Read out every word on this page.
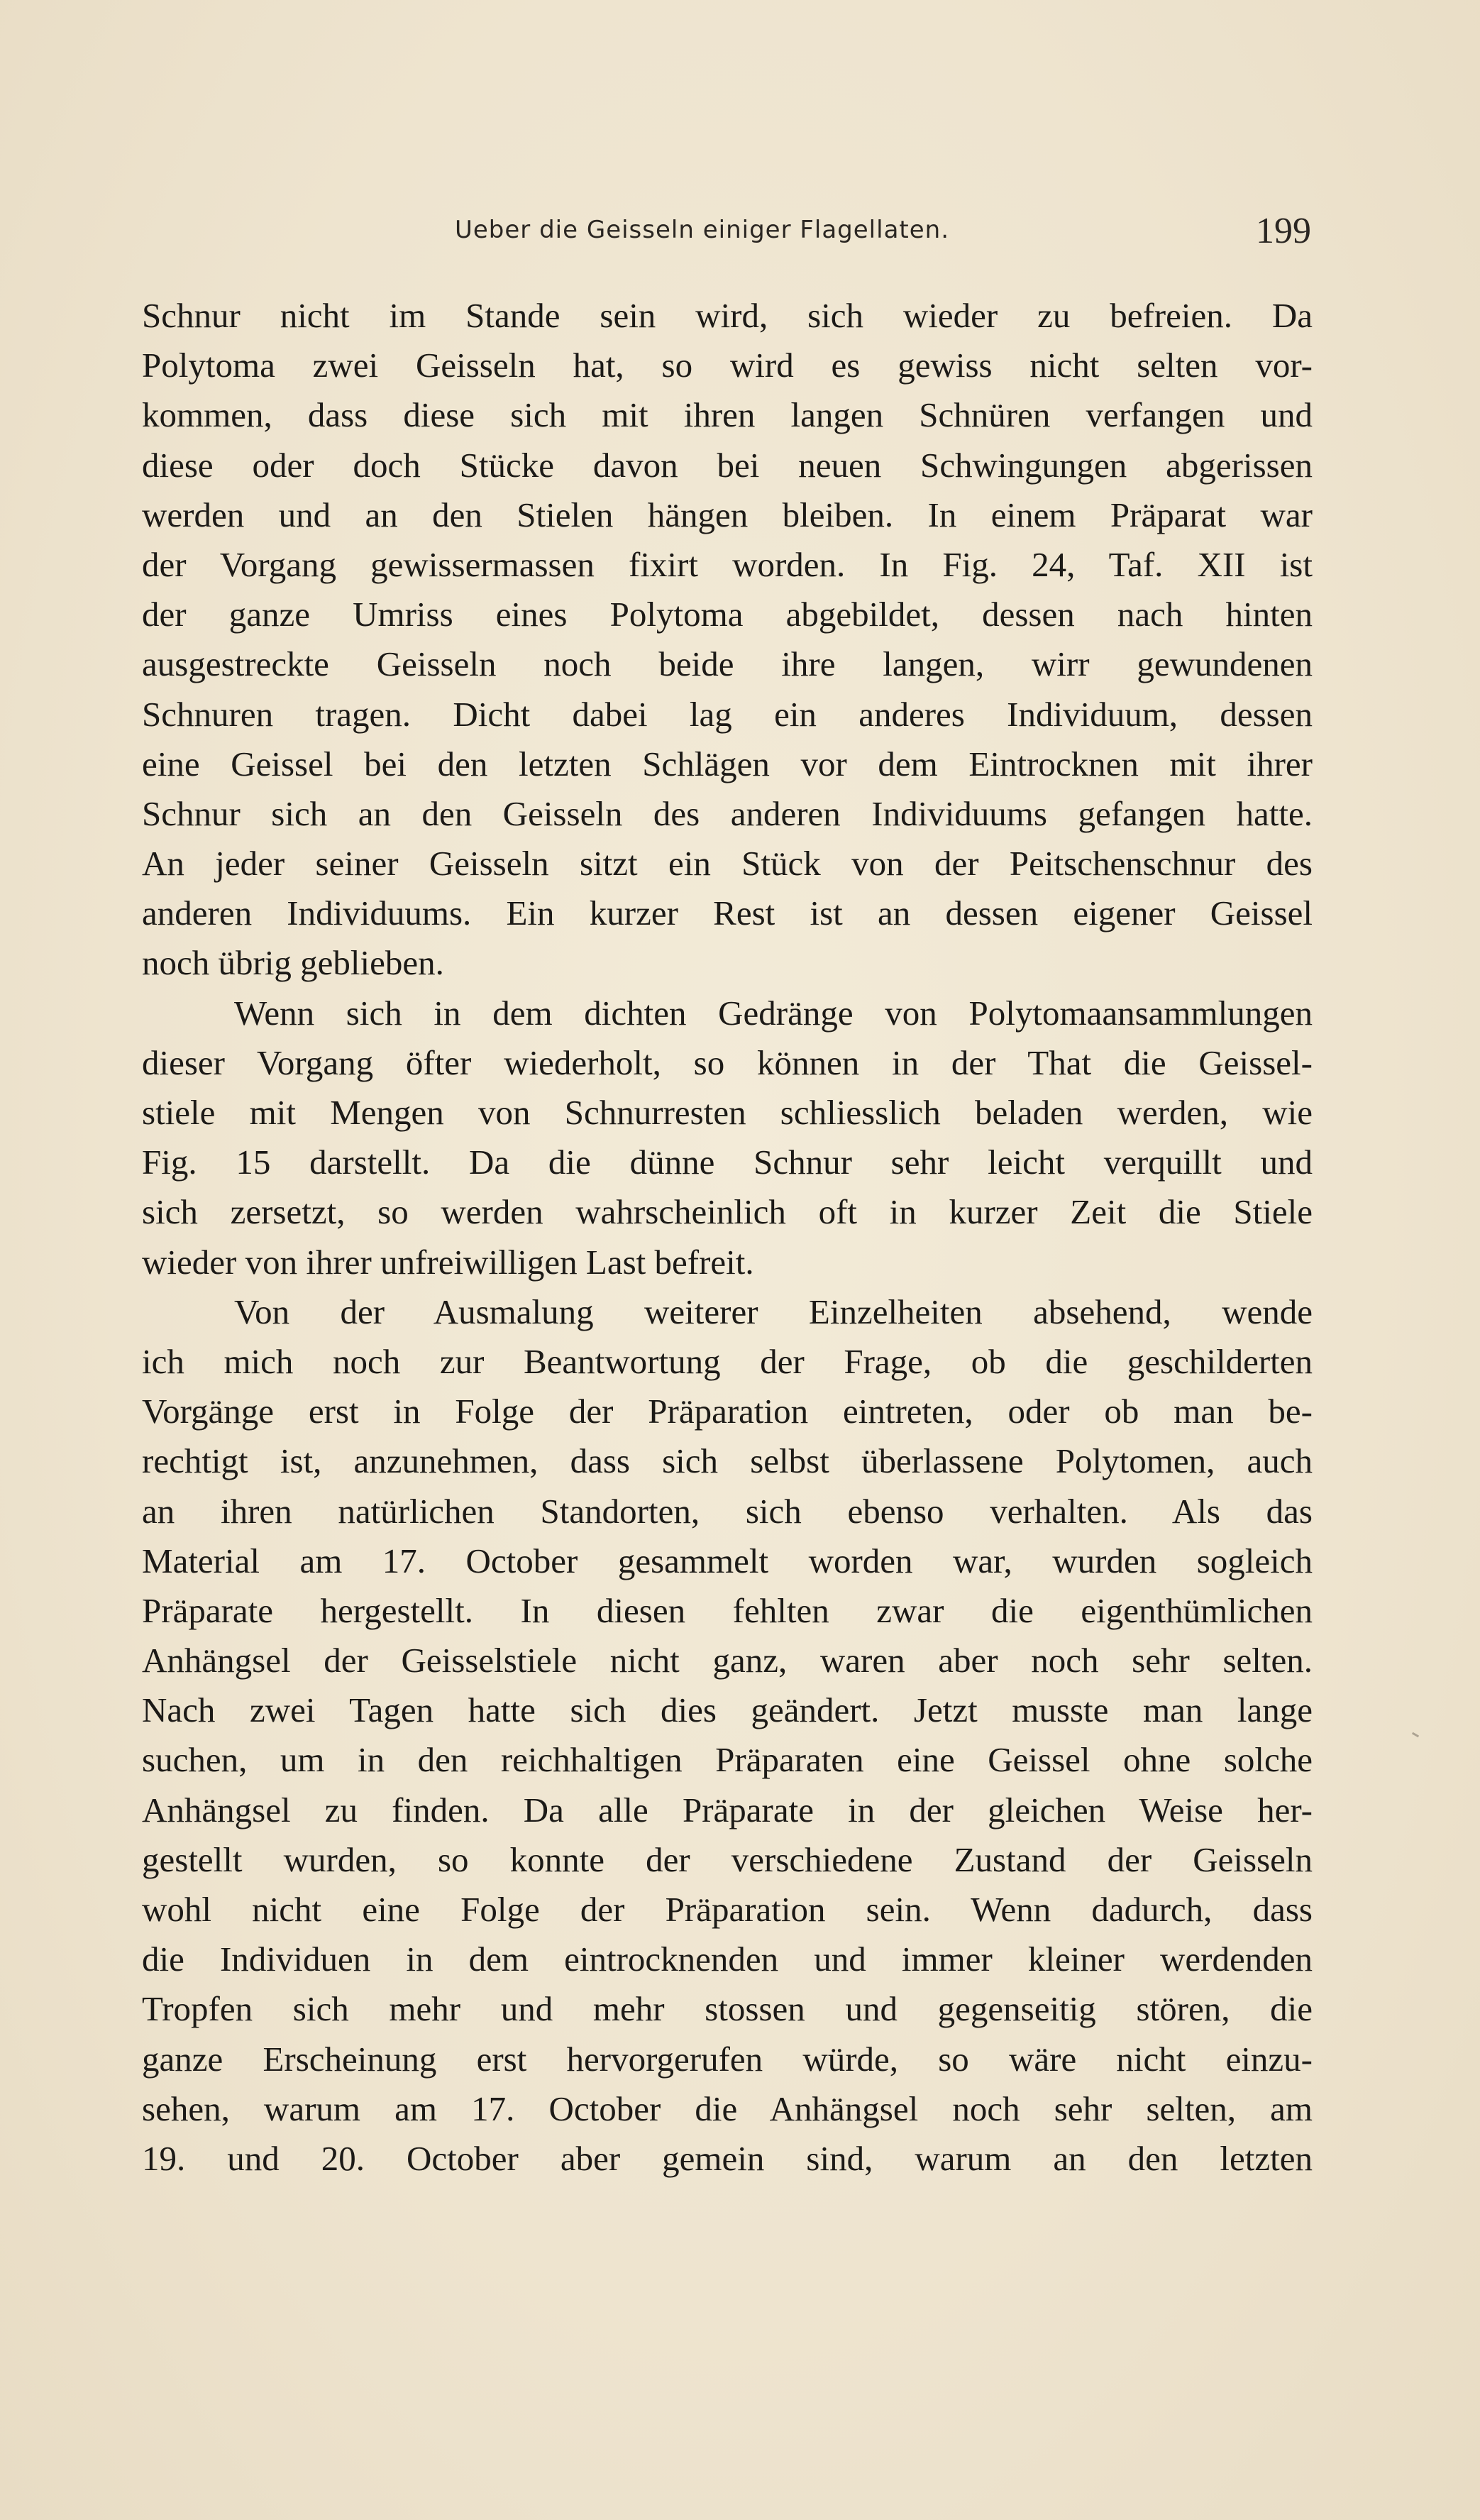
Ueber die Geisseln einiger Flagellaten.	199
Schnur nicht im Stande sein wird, sich wieder zu befreien. Da
Polytoma zwei Geisseln hat, so wird es gewiss nicht selten vor-
kommen, dass diese sich mit ihren langen Schnüren verfangen und
diese oder doch Stücke davon bei neuen Schwingungen abgerissen
werden und an den Stielen hängen bleiben. In einem Präparat war
der Vorgang gewissermassen fixirt worden. In Fig. 24, Taf. XII ist
der ganze Umriss eines Polytoma abgebildet, dessen nach hinten
ausgestreckte Geisseln noch beide ihre langen, wirr gewundenen
Schnuren tragen. Dicht dabei lag ein anderes Individuum, dessen
eine Geissel bei den letzten Schlägen vor dem Eintrocknen mit ihrer
Schnur sich an den Geisseln des anderen Individuums gefangen hatte.
An jeder seiner Geisseln sitzt ein Stück von der Peitschenschnur des
anderen Individuums. Ein kurzer Rest ist an dessen eigener Geissel
noch übrig geblieben.
Wenn sich in dem dichten Gedränge von Polytomaansammlungen
dieser Vorgang öfter wiederholt, so können in der That die Geissel-
stiele mit Mengen von Schnurresten schliesslich beladen werden, wie
Fig. 15 darstellt. Da die dünne Schnur sehr leicht verquillt und
sich zersetzt, so werden wahrscheinlich oft in kurzer Zeit die Stiele
wieder von ihrer unfreiwilligen Last befreit.
Von der Ausmalung weiterer Einzelheiten absehend, wende
ich mich noch zur Beantwortung der Frage, ob die geschilderten
Vorgänge erst in Folge der Präparation eintreten, oder ob man be-
rechtigt ist, anzunehmen, dass sich selbst überlassene Polytomen, auch
an ihren natürlichen Standorten, sich ebenso verhalten. Als das
Material am 17. October gesammelt worden war, wurden sogleich
Präparate hergestellt. In diesen fehlten zwar die eigenthümlichen
Anhängsel der Geisselstiele nicht ganz, waren aber noch sehr selten.
Nach zwei Tagen hatte sich dies geändert. Jetzt musste man lange
suchen, um in den reichhaltigen Präparaten eine Geissel ohne solche
Anhängsel zu finden. Da alle Präparate in der gleichen Weise her-
gestellt wurden, so konnte der verschiedene Zustand der Geisseln
wohl nicht eine Folge der Präparation sein. Wenn dadurch, dass
die Individuen in dem eintrocknenden und immer kleiner werdenden
Tropfen sich mehr und mehr stossen und gegenseitig stören, die
ganze Erscheinung erst hervorgerufen würde, so wäre nicht einzu-
sehen, warum am 17. October die Anhängsel noch sehr selten, am
19. und 20. October aber gemein sind, warum an den letzten
